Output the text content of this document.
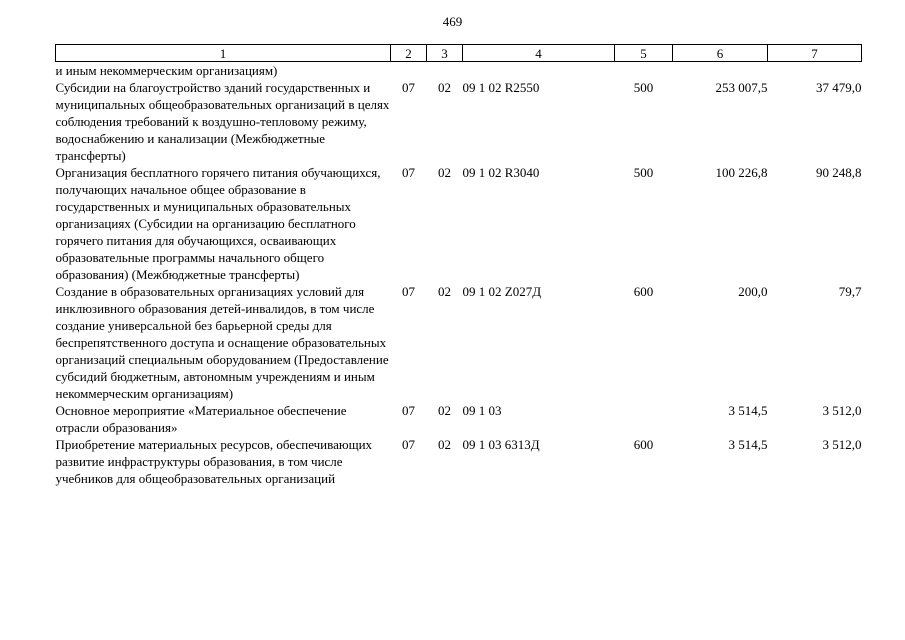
469
1	2	3	4	5	6	7
и иным некоммерческим организациям)						
Субсидии на благоустройство зданий государственных и муниципальных общеобразовательных организаций в целях соблюдения требований к воздушно-тепловому режиму, водоснабжению и канализации (Межбюджетные трансферты)	07	02	09 1 02 R2550	500	253 007,5	37 479,0
Организация бесплатного горячего питания обучающихся, получающих начальное общее образование в государственных и муниципальных образовательных организациях (Субсидии на организацию бесплатного горячего питания для обучающихся, осваивающих образовательные программы начального общего образования) (Межбюджетные трансферты)	07	02	09 1 02 R3040	500	100 226,8	90 248,8
Создание в образовательных организациях условий для инклюзивного образования детей-инвалидов, в том числе создание универсальной без барьерной среды для беспрепятственного доступа и оснащение образовательных организаций специальным оборудованием (Предоставление субсидий бюджетным, автономным учреждениям и иным некоммерческим организациям)	07	02	09 1 02 Z027Д	600	200,0	79,7
Основное мероприятие «Материальное обеспечение отрасли образования»	07	02	09 1 03		3 514,5	3 512,0
Приобретение материальных ресурсов, обеспечивающих развитие инфраструктуры образования, в том числе учебников для общеобразовательных организаций	07	02	09 1 03 6313Д	600	3 514,5	3 512,0
